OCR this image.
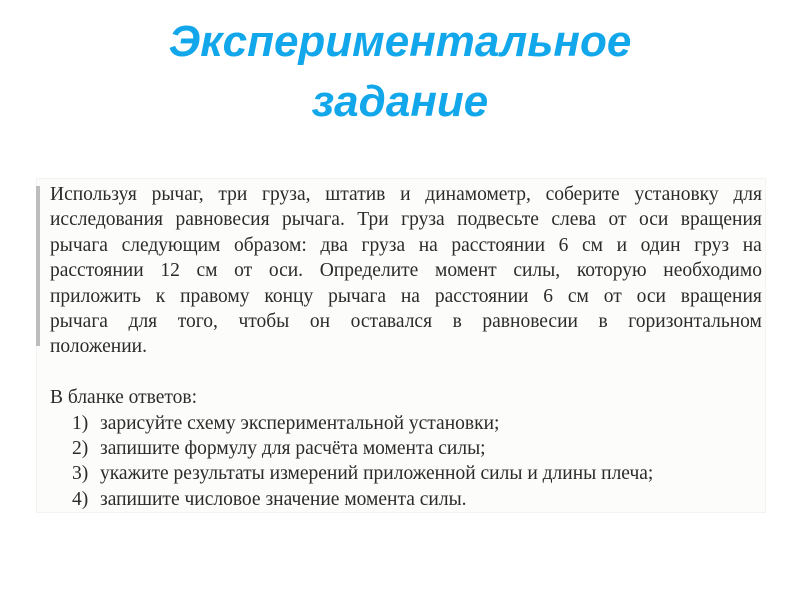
Экспериментальное
задание
Используя рычаг, три груза, штатив и динамометр, соберите установку для
исследования равновесия рычага. Три груза подвесьте слева от оси вращения
рычага следующим образом: два груза на расстоянии 6 см и один груз на
расстоянии 12 см от оси. Определите момент силы, которую необходимо
приложить к правому концу рычага на расстоянии 6 см от оси вращения
рычага для того, чтобы он оставался в равновесии в горизонтальном
положении.
В бланке ответов:
1) зарисуйте схему экспериментальной установки;
2) запишите формулу для расчёта момента силы;
3) укажите результаты измерений приложенной силы и длины плеча;
4) запишите числовое значение момента силы.
